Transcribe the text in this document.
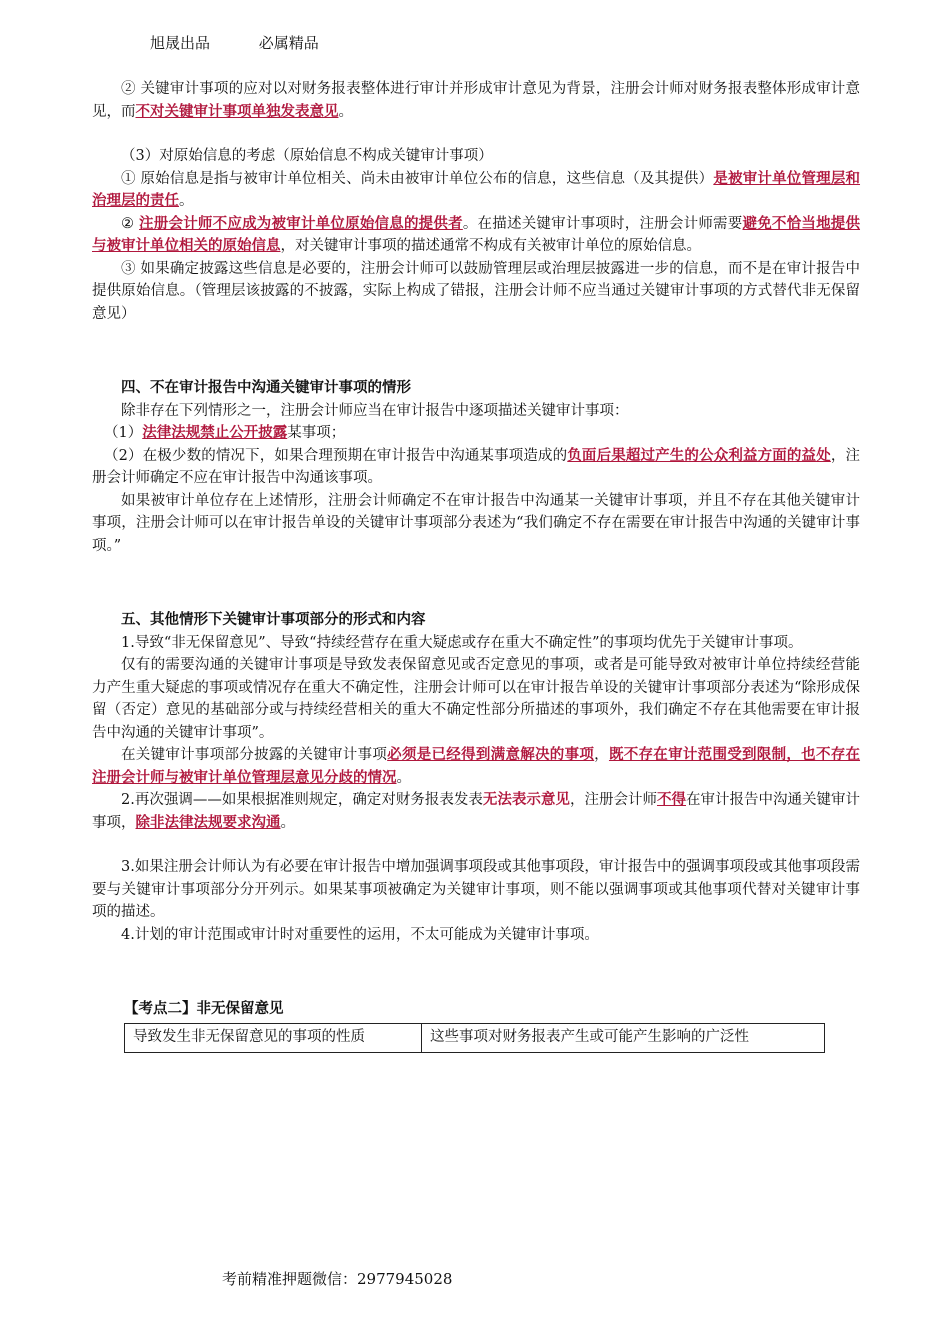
旭晟出品	必属精品

② 关键审计事项的应对以对财务报表整体进行审计并形成审计意见为背景，注册会计师对财务报表整体形成审计意见，而不对关键审计事项单独发表意见。

（3）对原始信息的考虑（原始信息不构成关键审计事项）

① 原始信息是指与被审计单位相关、尚未由被审计单位公布的信息，这些信息（及其提供）是被审计单位管理层和治理层的责任。

② 注册会计师不应成为被审计单位原始信息的提供者。在描述关键审计事项时，注册会计师需要避免不恰当地提供与被审计单位相关的原始信息，对关键审计事项的描述通常不构成有关被审计单位的原始信息。

③ 如果确定披露这些信息是必要的，注册会计师可以鼓励管理层或治理层披露进一步的信息，而不是在审计报告中提供原始信息。（管理层该披露的不披露，实际上构成了错报，注册会计师不应当通过关键审计事项的方式替代非无保留意见）

四、不在审计报告中沟通关键审计事项的情形

除非存在下列情形之一，注册会计师应当在审计报告中逐项描述关键审计事项：

（1）法律法规禁止公开披露某事项；

（2）在极少数的情况下，如果合理预期在审计报告中沟通某事项造成的负面后果超过产生的公众利益方面的益处，注册会计师确定不应在审计报告中沟通该事项。

如果被审计单位存在上述情形，注册会计师确定不在审计报告中沟通某一关键审计事项，并且不存在其他关键审计事项，注册会计师可以在审计报告单设的关键审计事项部分表述为“我们确定不存在需要在审计报告中沟通的关键审计事项。”

五、其他情形下关键审计事项部分的形式和内容

1.导致“非无保留意见”、导致“持续经营存在重大疑虑或存在重大不确定性”的事项均优先于关键审计事项。

仅有的需要沟通的关键审计事项是导致发表保留意见或否定意见的事项，或者是可能导致对被审计单位持续经营能力产生重大疑虑的事项或情况存在重大不确定性，注册会计师可以在审计报告单设的关键审计事项部分表述为“除形成保留（否定）意见的基础部分或与持续经营相关的重大不确定性部分所描述的事项外，我们确定不存在其他需要在审计报告中沟通的关键审计事项”。

在关键审计事项部分披露的关键审计事项必须是已经得到满意解决的事项，既不存在审计范围受到限制，也不存在注册会计师与被审计单位管理层意见分歧的情况。

2.再次强调——如果根据准则规定，确定对财务报表发表无法表示意见，注册会计师不得在审计报告中沟通关键审计事项，除非法律法规要求沟通。

3.如果注册会计师认为有必要在审计报告中增加强调事项段或其他事项段，审计报告中的强调事项段或其他事项段需要与关键审计事项部分分开列示。如果某事项被确定为关键审计事项，则不能以强调事项或其他事项代替对关键审计事项的描述。

4.计划的审计范围或审计时对重要性的运用，不太可能成为关键审计事项。

【考点二】非无保留意见
导致发生非无保留意见的事项的性质	这些事项对财务报表产生或可能产生影响的广泛性
考前精准押题微信：2977945028
